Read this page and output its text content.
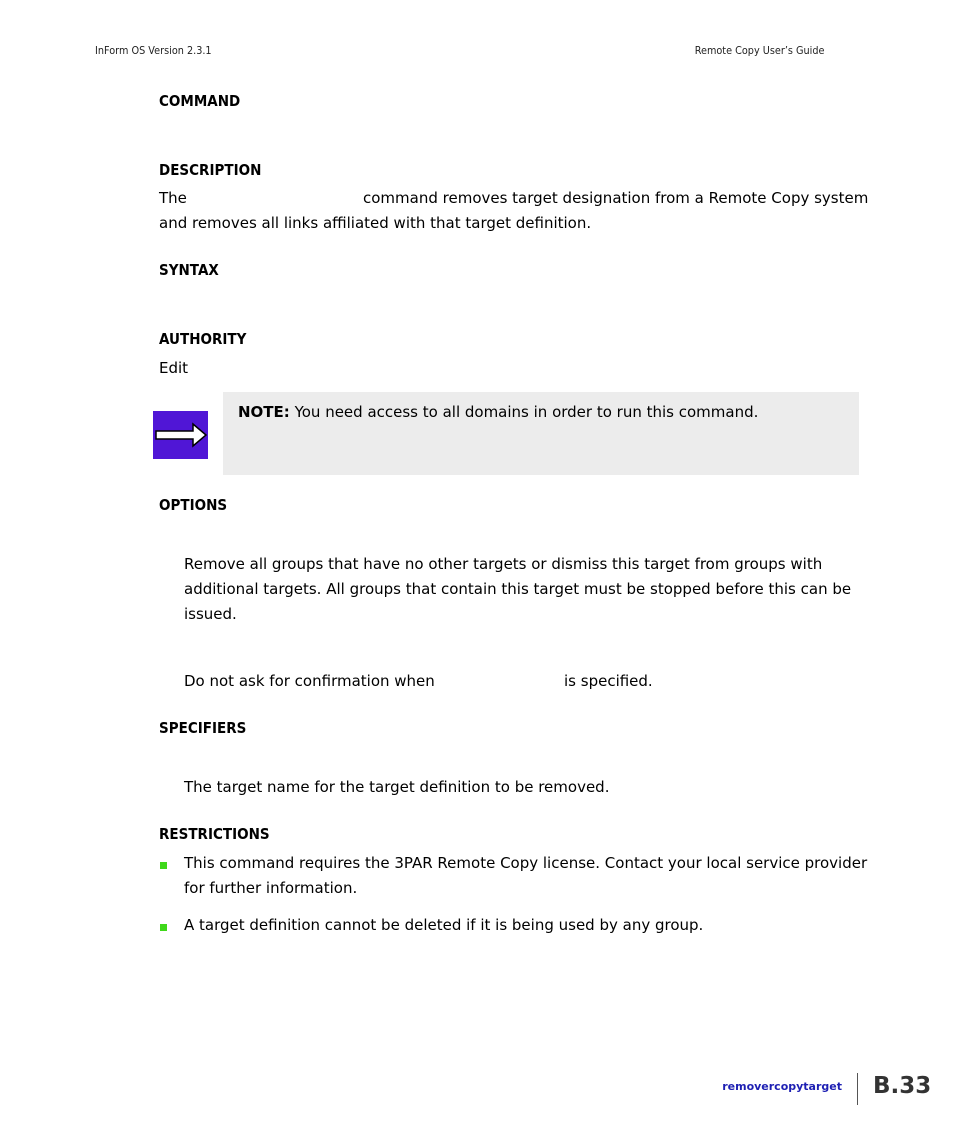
InForm OS Version 2.3.1	Remote Copy User’s Guide
COMMAND
DESCRIPTION
The	command removes target designation from a Remote Copy system
and removes all links affiliated with that target definition.
SYNTAX
AUTHORITY
Edit
NOTE: You need access to all domains in order to run this command.
OPTIONS
Remove all groups that have no other targets or dismiss this target from groups with
additional targets. All groups that contain this target must be stopped before this can be
issued.
Do not ask for confirmation when	is specified.
SPECIFIERS
The target name for the target definition to be removed.
RESTRICTIONS
This command requires the 3PAR Remote Copy license. Contact your local service provider
for further information.
A target definition cannot be deleted if it is being used by any group.
removercopytarget B.33
